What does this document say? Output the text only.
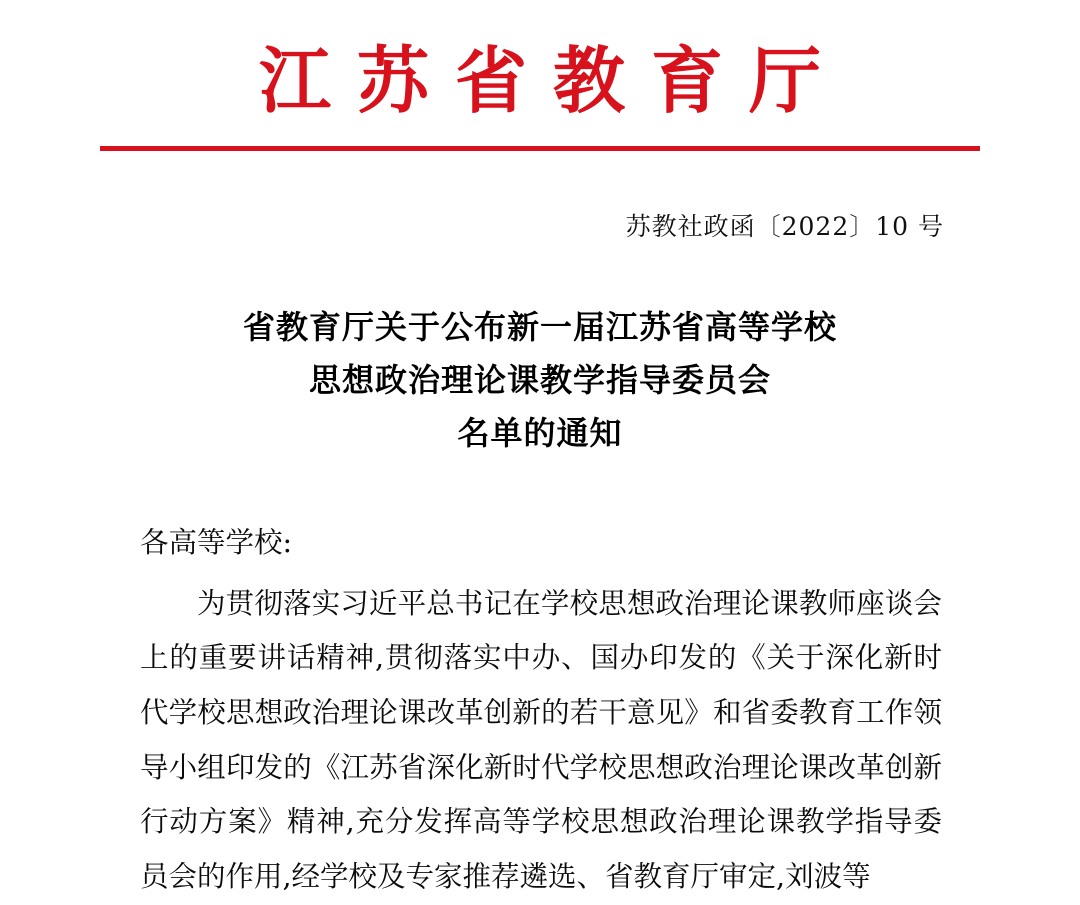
江苏省教育厅
苏教社政函〔2022〕10 号
省教育厅关于公布新一届江苏省高等学校
思想政治理论课教学指导委员会
名单的通知

各高等学校:

为贯彻落实习近平总书记在学校思想政治理论课教师座谈会上的重要讲话精神,贯彻落实中办、国办印发的《关于深化新时代学校思想政治理论课改革创新的若干意见》和省委教育工作领导小组印发的《江苏省深化新时代学校思想政治理论课改革创新行动方案》精神,充分发挥高等学校思想政治理论课教学指导委员会的作用,经学校及专家推荐遴选、省教育厅审定,刘波等
